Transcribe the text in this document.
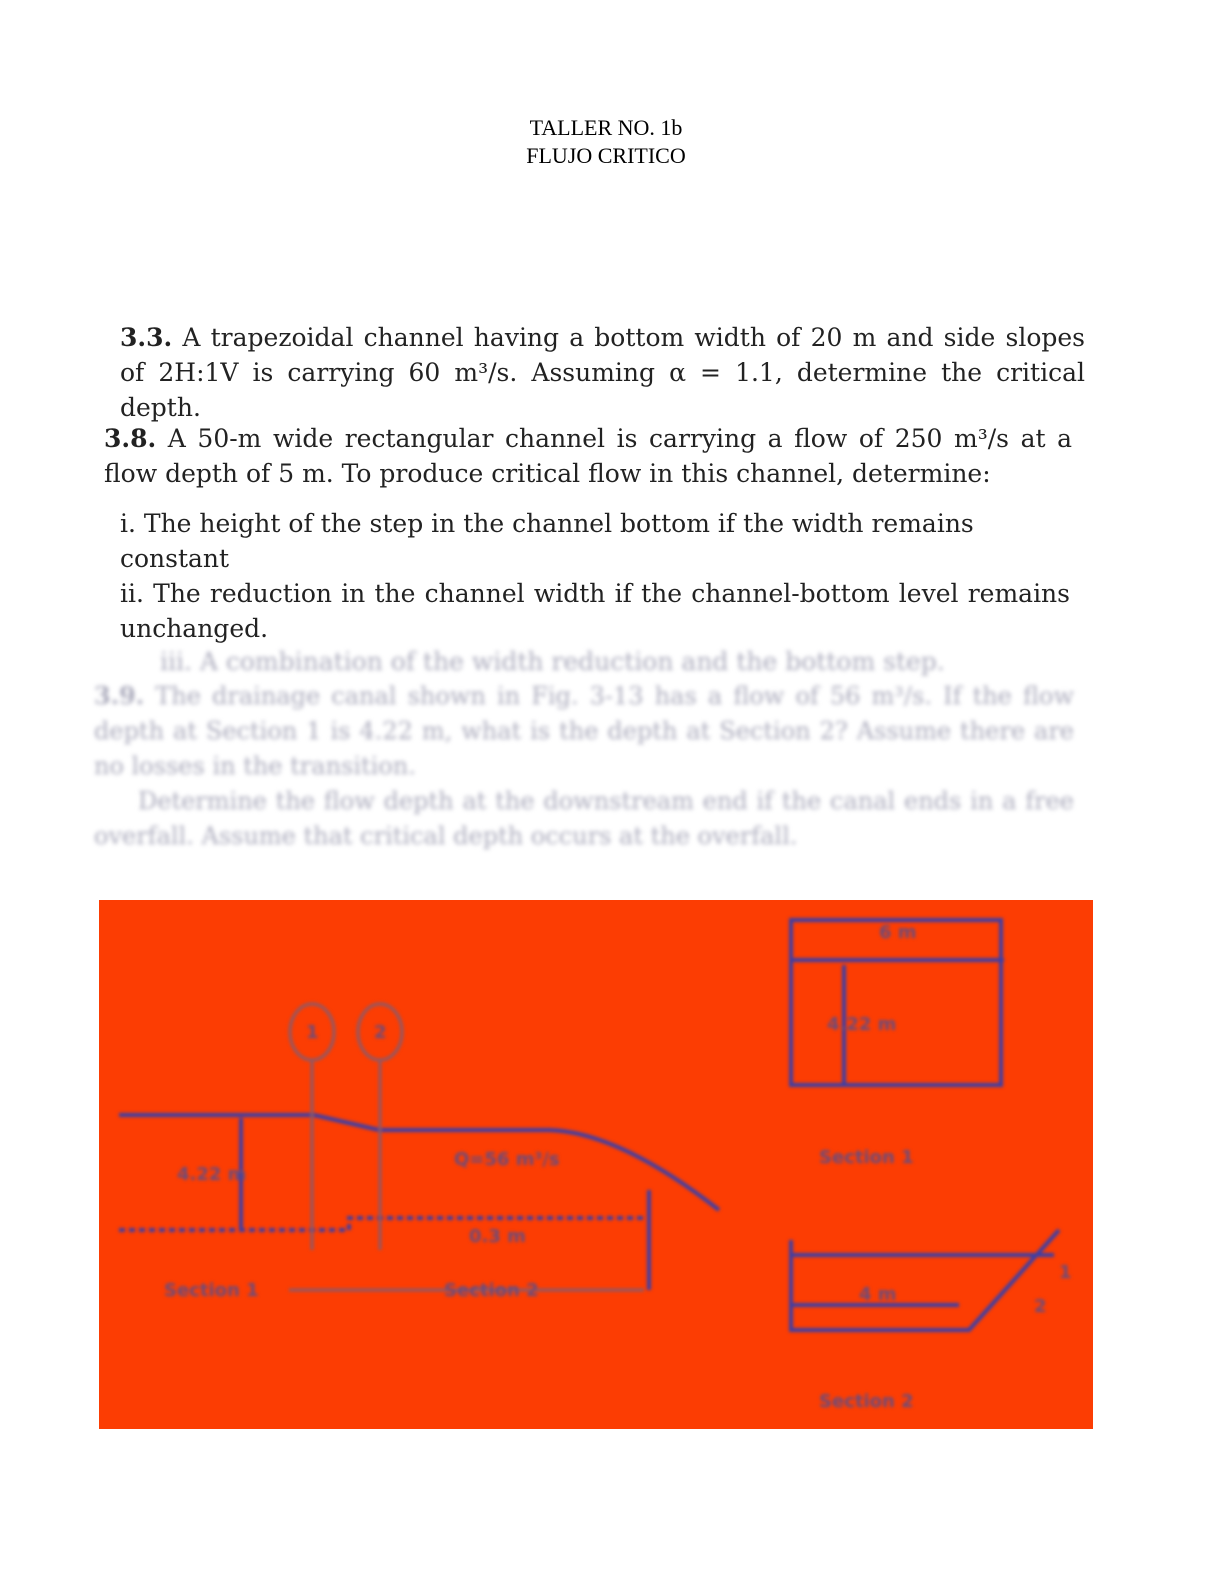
TALLER NO. 1b
FLUJO CRITICO
3.3. A trapezoidal channel having a bottom width of 20 m and side slopes of 2H:1V is carrying 60 m³/s. Assuming α = 1.1, determine the critical depth.
3.8. A 50-m wide rectangular channel is carrying a flow of 250 m³/s at a flow depth of 5 m. To produce critical flow in this channel, determine:
i. The height of the step in the channel bottom if the width remains constant
ii. The reduction in the channel width if the channel-bottom level remains unchanged.
iii. A combination of the width reduction and the bottom step.
3.9. The drainage canal shown in Fig. 3-13 has a flow of 56 m³/s. If the flow depth at Section 1 is 4.22 m, what is the depth at Section 2? Assume there are no losses in the transition.
Determine the flow depth at the downstream end if the canal ends in a free overfall. Assume that critical depth occurs at the overfall.
1	2
4.22 m
Q=56 m³/s
0.3 m
Section 1	Section 2
6 m
4.22 m
Section 1
4 m
1
2
Section 2
